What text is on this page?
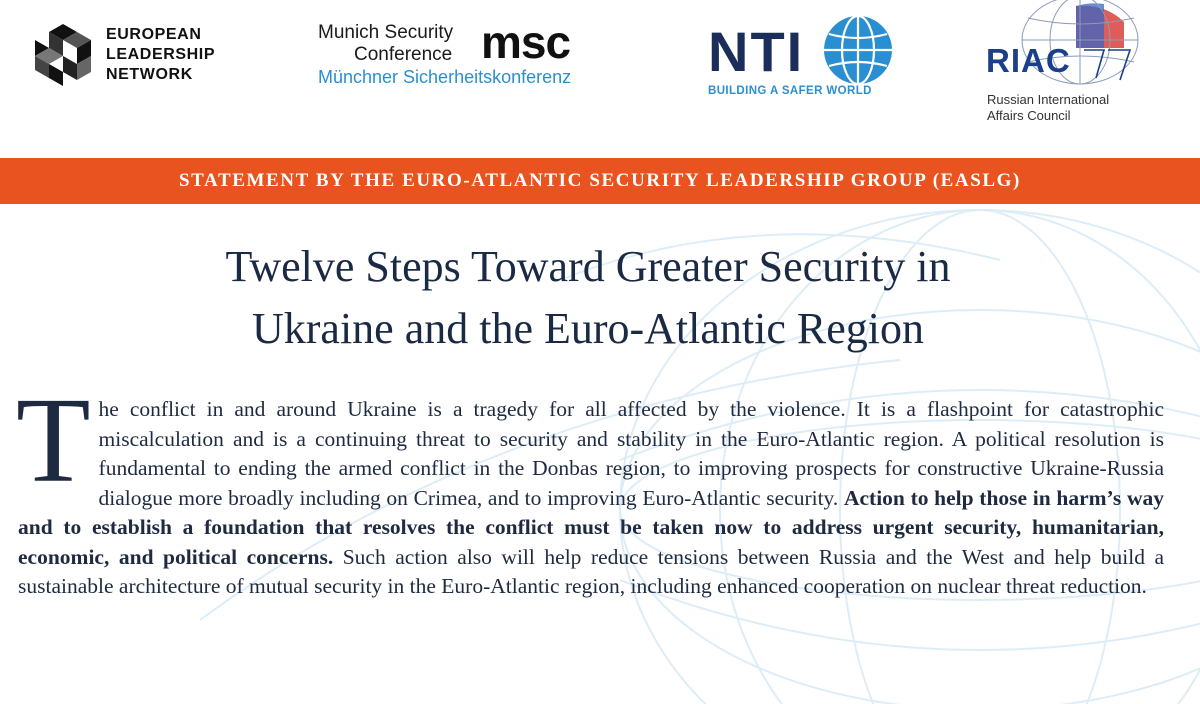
EUROPEAN
LEADERSHIP
NETWORK
Munich Security
Conference msc
Münchner Sicherheitskonferenz NTI
BUILDING A SAFER WORLD
RIAC
Russian International
Affairs Council
STATEMENT BY THE EURO-ATLANTIC SECURITY LEADERSHIP GROUP (EASLG)
Twelve Steps Toward Greater Security in
Ukraine and the Euro-Atlantic Region
The conflict in and around Ukraine is a tragedy for all affected by the violence. It is a flashpoint for catastrophic miscalculation and is a continuing threat to security and stability in the Euro-Atlantic region. A political resolution is fundamental to ending the armed conflict in the Donbas region, to improving prospects for constructive Ukraine-Russia dialogue more broadly including on Crimea, and to improving Euro-Atlantic security. Action to help those in harm’s way and to establish a foundation that resolves the conflict must be taken now to address urgent security, humanitarian, economic, and political concerns. Such action also will help reduce tensions between Russia and the West and help build a sustainable architecture of mutual security in the Euro-Atlantic region, including enhanced cooperation on nuclear threat reduction.
